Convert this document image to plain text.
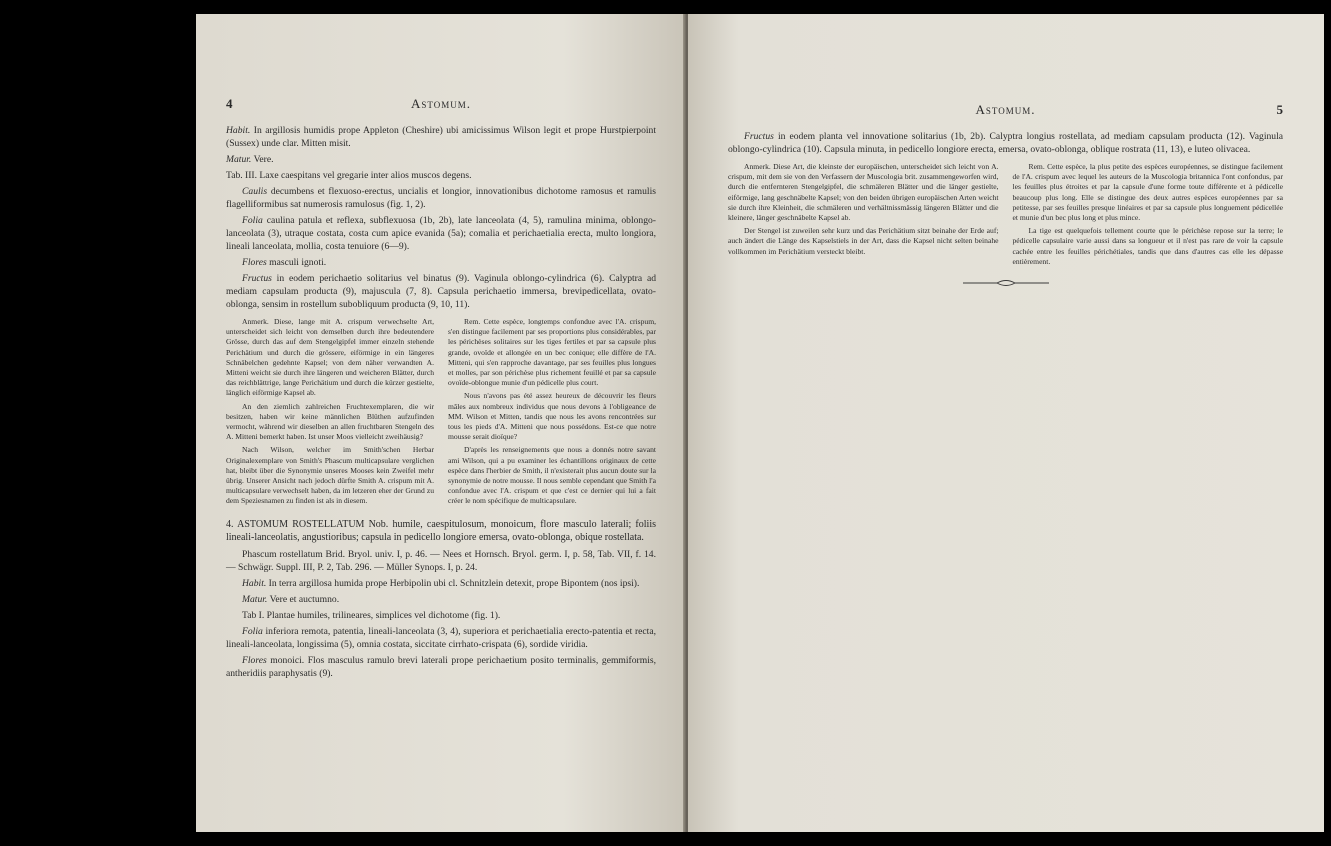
4	Astomum.

Habit. In argillosis humidis prope Appleton (Cheshire) ubi amicissimus Wilson legit et prope Hurstpierpoint (Sussex) unde clar. Mitten misit.

Matur. Vere.

Tab. III. Laxe caespitans vel gregarie inter alios muscos degens.

Caulis decumbens et flexuoso-erectus, uncialis et longior, innovationibus dichotome ramosus et ramulis flagelliformibus sat numerosis ramulosus (fig. 1, 2).

Folia caulina patula et reflexa, subflexuosa (1b, 2b), late lanceolata (4, 5), ramulina minima, oblongo-lanceolata (3), utraque costata, costa cum apice evanida (5a); comalia et perichaetialia erecta, multo longiora, lineali lanceolata, mollia, costa tenuiore (6—9).

Flores masculi ignoti.

Fructus in eodem perichaetio solitarius vel binatus (9). Vaginula oblongo-cylindrica (6). Calyptra ad mediam capsulam producta (9), majuscula (7, 8). Capsula perichaetio immersa, brevipedicellata, ovato-oblonga, sensim in rostellum subobliquum producta (9, 10, 11).

Anmerk. Diese, lange mit A. crispum verwechselte Art, unterscheidet sich leicht von demselben durch ihre bedeutendere Grösse, durch das auf dem Stengelgipfel immer einzeln stehende Perichätium und durch die grössere, eiförmige in ein längeres Schnäbelchen gedehnte Kapsel; von dem näher verwandten A. Mitteni weicht sie durch ihre längeren und weicheren Blätter, durch das reichblättrige, lange Perichätium und durch die kürzer gestielte, länglich eiförmige Kapsel ab.

An den ziemlich zahlreichen Fruchtexemplaren, die wir besitzen, haben wir keine männlichen Blüthen aufzufinden vermocht, während wir dieselben an allen fruchtbaren Stengeln des A. Mitteni bemerkt haben. Ist unser Moos vielleicht zweihäusig?

Nach Wilson, welcher im Smith'schen Herbar Originalexemplare von Smith's Phascum multicapsulare verglichen hat, bleibt über die Synonymie unseres Mooses kein Zweifel mehr übrig. Unserer Ansicht nach jedoch dürfte Smith A. crispum mit A. multicapsulare verwechselt haben, da im letzeren eher der Grund zu dem Speziesnamen zu finden ist als in diesem.

Rem. Cette espèce, longtemps confondue avec l'A. crispum, s'en distingue facilement par ses proportions plus considérables, par les périchèses solitaires sur les tiges fertiles et par sa capsule plus grande, ovoïde et allongée en un bec conique; elle diffère de l'A. Mitteni, qui s'en rapproche davantage, par ses feuilles plus longues et molles, par son périchèse plus richement feuillé et par sa capsule ovoïde-oblongue munie d'un pédicelle plus court.

Nous n'avons pas été assez heureux de découvrir les fleurs mâles aux nombreux individus que nous devons à l'obligeance de MM. Wilson et Mitten, tandis que nous les avons rencontrées sur tous les pieds d'A. Mitteni que nous possédons. Est-ce que notre mousse serait dioïque?

D'après les renseignements que nous a donnés notre savant ami Wilson, qui a pu examiner les échantillons originaux de cette espèce dans l'herbier de Smith, il n'existerait plus aucun doute sur la synonymie de notre mousse. Il nous semble cependant que Smith l'a confondue avec l'A. crispum et que c'est ce dernier qui lui a fait créer le nom spécifique de multicapsulare.

4. ASTOMUM ROSTELLATUM Nob. humile, caespitulosum, monoicum, flore masculo laterali; foliis lineali-lanceolatis, angustioribus; capsula in pedicello longiore emersa, ovato-oblonga, obique rostellata.

Phascum rostellatum Brid. Bryol. univ. I, p. 46. — Nees et Hornsch. Bryol. germ. I, p. 58, Tab. VII, f. 14. — Schwägr. Suppl. III, P. 2, Tab. 296. — Müller Synops. I, p. 24.

Habit. In terra argillosa humida prope Herbipolin ubi cl. Schnitzlein detexit, prope Bipontem (nos ipsi).

Matur. Vere et auctumno.

Tab I. Plantae humiles, trilineares, simplices vel dichotome (fig. 1).

Folia inferiora remota, patentia, lineali-lanceolata (3, 4), superiora et perichaetialia erecto-patentia et recta, lineali-lanceolata, longissima (5), omnia costata, siccitate cirrhato-crispata (6), sordide viridia.

Flores monoici. Flos masculus ramulo brevi laterali prope perichaetium posito terminalis, gemmiformis, antheridiis paraphysatis (9).

Astomum.	5

Fructus in eodem planta vel innovatione solitarius (1b, 2b). Calyptra longius rostellata, ad mediam capsulam producta (12). Vaginula oblongo-cylindrica (10). Capsula minuta, in pedicello longiore erecta, emersa, ovato-oblonga, oblique rostrata (11, 13), e luteo olivacea.

Anmerk. Diese Art, die kleinste der europäischen, unterscheidet sich leicht von A. crispum, mit dem sie von den Verfassern der Muscologia brit. zusammengeworfen wird, durch die entfernteren Stengelgipfel, die schmäleren Blätter und die länger gestielte, eiförmige, lang geschnäbelte Kapsel; von den beiden übrigen europäischen Arten weicht sie durch ihre Kleinheit, die schmäleren und verhältnissmässig längeren Blätter und die kleinere, länger geschnäbelte Kapsel ab.

Der Stengel ist zuweilen sehr kurz und das Perichätium sitzt beinahe der Erde auf; auch ändert die Länge des Kapselstiels in der Art, dass die Kapsel nicht selten beinahe vollkommen im Perichätium versteckt bleibt.

Rem. Cette espèce, la plus petite des espèces européennes, se distingue facilement de l'A. crispum avec lequel les auteurs de la Muscologia britannica l'ont confondus, par les feuilles plus étroites et par la capsule d'une forme toute différente et à pédicelle beaucoup plus long. Elle se distingue des deux autres espèces européennes par sa petitesse, par ses feuilles presque linéaires et par sa capsule plus longuement pédicellée et munie d'un bec plus long et plus mince.

La tige est quelquefois tellement courte que le périchèse repose sur la terre; le pédicelle capsulaire varie aussi dans sa longueur et il n'est pas rare de voir la capsule cachée entre les feuilles périchétiales, tandis que dans d'autres cas elle les dépasse entièrement.
